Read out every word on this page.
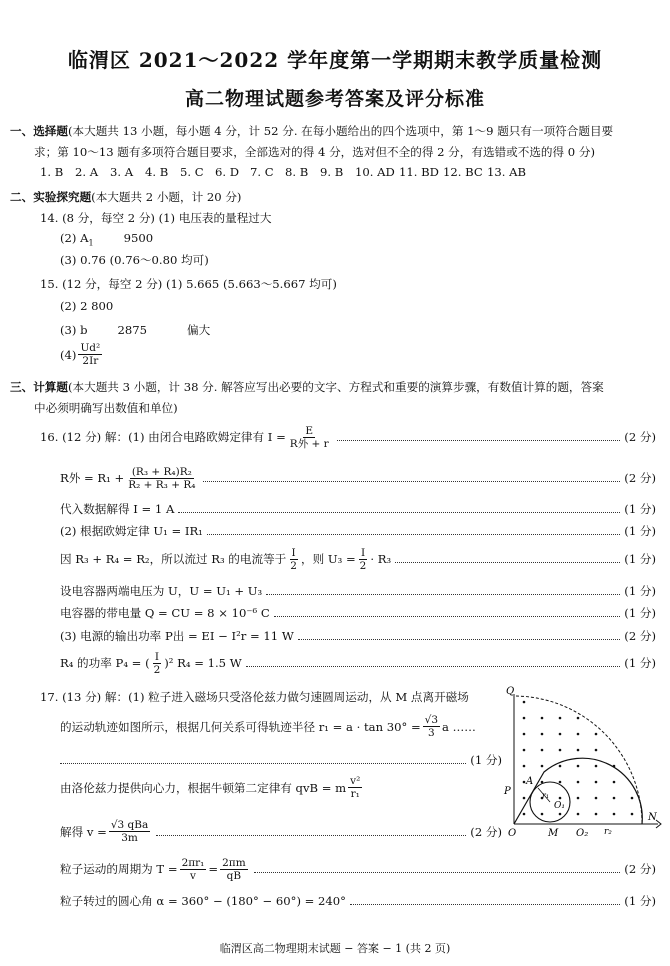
临渭区 2021～2022 学年度第一学期期末教学质量检测
高二物理试题参考答案及评分标准
一、选择题(本大题共 13 小题，每小题 4 分，计 52 分. 在每小题给出的四个选项中，第 1～9 题只有一项符合题目要
求；第 10～13 题有多项符合题目要求，全部选对的得 4 分，选对但不全的得 2 分，有选错或不选的得 0 分)
1. B	2. A	3. A	4. B	5. C 6. D 7. C 8. B	9. B	10. AD 11. BD 12. BC 13. AB
二、实验探究题(本大题共 2 小题，计 20 分)
14. (8 分，每空 2 分) (1) 电压表的量程过大
(2) $A_1$	9500
(3) 0.76 (0.76～0.80 均可)
15. (12 分，每空 2 分) (1) 5.665 (5.663～5.667 均可)
(2) 2 800
(3) b	2875	偏大
$(4) \frac{\text{Ud²}}{2Ir}$
三、计算题(本大题共 3 小题，计 38 分. 解答应写出必要的文字、方程式和重要的演算步骤，有数值计算的题，答案
中必须明确写出数值和单位)
16. (12 分) 解：(1) 由闭合电路欧姆定律有 $I = \frac{E}{\text{R外 + r}}$	(2 分)
R外 = $R_1 + \frac{\text{(R₃ + R₄)R₂}}{\text{R₂ + R₃ + R₄}}$	(2 分)
代入数据解得 I = 1 A	(1 分)
(2) 根据欧姆定律 U₁ = IR₁	(1 分)
因 R₃ + R₄ = R₂，所以流过 R₃ 的电流等于 $\frac{I}{2}$ ，则 $U_3 = \frac{I}{2} \cdot R_3$	(1 分)
设电容器两端电压为 U，U = U₁ + U₃	(1 分)
电容器的带电量 Q = CU = 8 × 10⁻⁶ C	(1 分)
(3) 电源的输出功率 P出 = EI − I²r = 11 W	(2 分)
R₄ 的功率 P₄ = ( $\frac{I}{2} )^2$ R₄ = 1.5 W	(1 分)
17. (13 分) 解：(1) 粒子进入磁场只受洛伦兹力做匀速圆周运动，从 M 点离开磁场
的运动轨迹如图所示，根据几何关系可得轨迹半径 $r_1 = a \cdot \tan 30^\circ = \frac{√3}{3}$ a ……
(1 分)
由洛伦兹力提供向心力，根据牛顿第二定律有 qvB = m $\frac{\text{v²}}{\text{r₁}}$
解得 $v = \frac{\text{√3 qBa}}{3m}$	(2 分)
粒子运动的周期为 $T = \frac{\text{2πr₁}}{v} = \frac{2\pi m}{qB}$	(2 分)
粒子转过的圆心角 α = 360° − (180° − 60°) = 240°	(1 分)
Q
P
A
r₁
O₁
O	M O₂ r₂
N
临渭区高二物理期末试题 − 答案 − 1 (共 2 页)
